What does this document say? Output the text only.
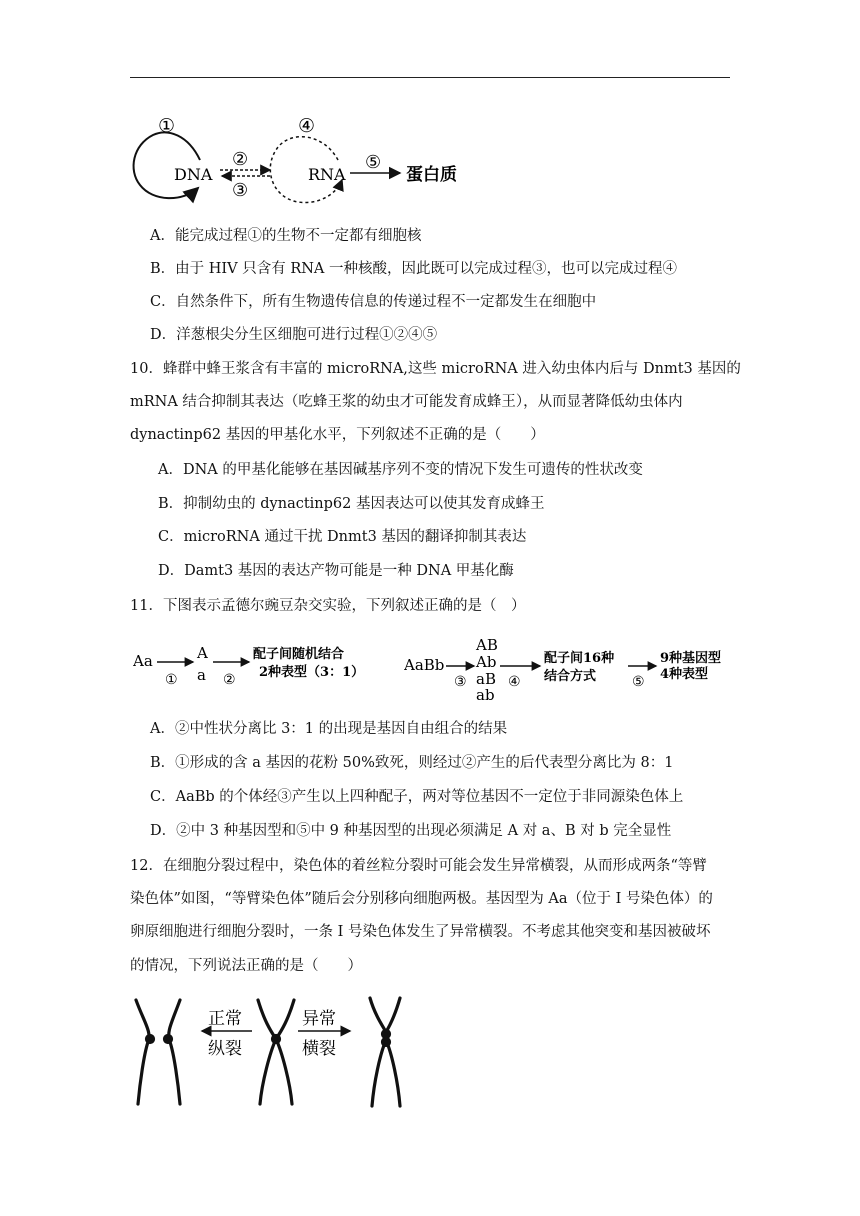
①
DNA
②
③
④
RNA
⑤
蛋白质
A．能完成过程①的生物不一定都有细胞核
B．由于 HIV 只含有 RNA 一种核酸，因此既可以完成过程③，也可以完成过程④
C．自然条件下，所有生物遗传信息的传递过程不一定都发生在细胞中
D．洋葱根尖分生区细胞可进行过程①②④⑤
10．蜂群中蜂王浆含有丰富的 microRNA,这些 microRNA 进入幼虫体内后与 Dnmt3 基因的
mRNA 结合抑制其表达（吃蜂王浆的幼虫才可能发育成蜂王），从而显著降低幼虫体内
dynactinp62 基因的甲基化水平，下列叙述不正确的是（　　）
A．DNA 的甲基化能够在基因碱基序列不变的情况下发生可遗传的性状改变
B．抑制幼虫的 dynactinp62 基因表达可以使其发育成蜂王
C．microRNA 通过干扰 Dnmt3 基因的翻译抑制其表达
D．Damt3 基因的表达产物可能是一种 DNA 甲基化酶
11．下图表示孟德尔豌豆杂交实验，下列叙述正确的是（　）
Aa
①
A
a ②
配子间随机结合
2种表型（3：1）	AaBb
③
AB
Ab
aB
ab
④
配子间16种
结合方式	⑤
9种基因型
4种表型
A．②中性状分离比 3：1 的出现是基因自由组合的结果
B．①形成的含 a 基因的花粉 50%致死，则经过②产生的后代表型分离比为 8：1
C．AaBb 的个体经③产生以上四种配子，两对等位基因不一定位于非同源染色体上
D．②中 3 种基因型和⑤中 9 种基因型的出现必须满足 A 对 a、B 对 b 完全显性
12．在细胞分裂过程中，染色体的着丝粒分裂时可能会发生异常横裂，从而形成两条“等臂
染色体”如图，“等臂染色体”随后会分别移向细胞两极。基因型为 Aa（位于 I 号染色体）的
卵原细胞进行细胞分裂时，一条 I 号染色体发生了异常横裂。不考虑其他突变和基因被破坏
的情况，下列说法正确的是（　　）
正常
纵裂
异常
横裂
